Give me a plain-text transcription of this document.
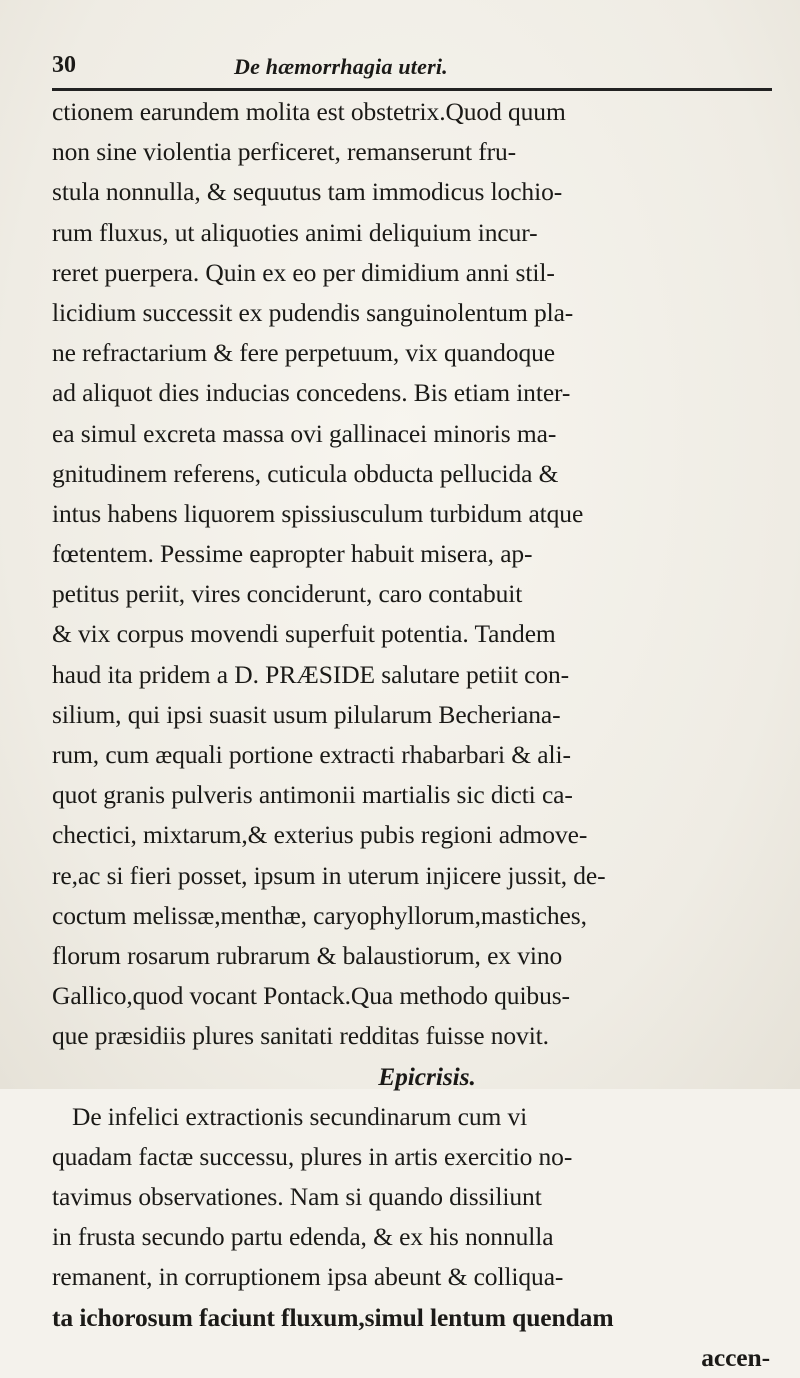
30	De hæmorrhagia uteri.
ctionem earundem molita est obstetrix.Quod quum
non sine violentia perficeret, remanserunt fru-
stula nonnulla, & sequutus tam immodicus lochio-
rum fluxus, ut aliquoties animi deliquium incur-
reret puerpera. Quin ex eo per dimidium anni stil-
licidium successit ex pudendis sanguinolentum pla-
ne refractarium & fere perpetuum, vix quandoque
ad aliquot dies inducias concedens. Bis etiam inter-
ea simul excreta massa ovi gallinacei minoris ma-
gnitudinem referens, cuticula obducta pellucida &
intus habens liquorem spissiusculum turbidum atque
fœtentem. Pessime eapropter habuit misera, ap-
petitus periit, vires conciderunt, caro contabuit
& vix corpus movendi superfuit potentia. Tandem
haud ita pridem a D. PRÆSIDE salutare petiit con-
silium, qui ipsi suasit usum pilularum Becheriana-
rum, cum æquali portione extracti rhabarbari & ali-
quot granis pulveris antimonii martialis sic dicti ca-
chectici, mixtarum,& exterius pubis regioni admove-
re,ac si fieri posset, ipsum in uterum injicere jussit, de-
coctum melissæ,menthæ, caryophyllorum,mastiches,
florum rosarum rubrarum & balaustiorum, ex vino
Gallico,quod vocant Pontack.Qua methodo quibus-
que præsidiis plures sanitati redditas fuisse novit.
Epicrisis.
De infelici extractionis secundinarum cum vi
quadam factæ successu, plures in artis exercitio no-
tavimus observationes. Nam si quando dissiliunt
in frusta secundo partu edenda, & ex his nonnulla
remanent, in corruptionem ipsa abeunt & colliqua-
ta ichorosum faciunt fluxum,simul lentum quendam
accen-
